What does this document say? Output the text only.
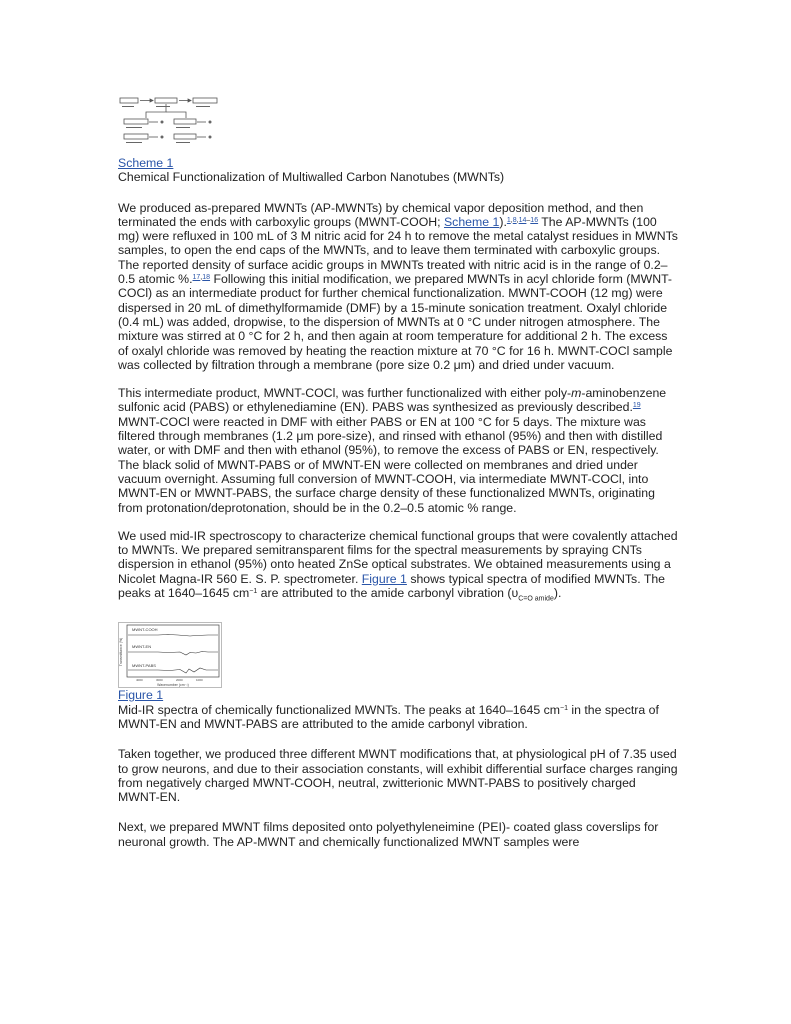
Scheme 1

Chemical Functionalization of Multiwalled Carbon Nanotubes (MWNTs)

We produced as-prepared MWNTs (AP-MWNTs) by chemical vapor deposition method, and then terminated the ends with carboxylic groups (MWNT-COOH; Scheme 1).$^{1,8,14-16}$ The AP-MWNTs (100 mg) were refluxed in 100 mL of 3 M nitric acid for 24 h to remove the metal catalyst residues in MWNTs samples, to open the end caps of the MWNTs, and to leave them terminated with carboxylic groups. The reported density of surface acidic groups in MWNTs treated with nitric acid is in the range of 0.2–0.5 atomic %.$^{17,18}$ Following this initial modification, we prepared MWNTs in acyl chloride form (MWNT-COCl) as an intermediate product for further chemical functionalization. MWNT-COOH (12 mg) were dispersed in 20 mL of dimethylformamide (DMF) by a 15-minute sonication treatment. Oxalyl chloride (0.4 mL) was added, dropwise, to the dispersion of MWNTs at 0 °C under nitrogen atmosphere. The mixture was stirred at 0 °C for 2 h, and then again at room temperature for additional 2 h. The excess of oxalyl chloride was removed by heating the reaction mixture at 70 °C for 16 h. MWNT-COCl sample was collected by filtration through a membrane (pore size 0.2 μm) and dried under vacuum.

This intermediate product, MWNT-COCl, was further functionalized with either poly-m-aminobenzene sulfonic acid (PABS) or ethylenediamine (EN). PABS was synthesized as previously described.$^{19}$ MWNT-COCl were reacted in DMF with either PABS or EN at 100 °C for 5 days. The mixture was filtered through membranes (1.2 μm pore-size), and rinsed with ethanol (95%) and then with distilled water, or with DMF and then with ethanol (95%), to remove the excess of PABS or EN, respectively. The black solid of MWNT-PABS or of MWNT-EN were collected on membranes and dried under vacuum overnight. Assuming full conversion of MWNT-COOH, via intermediate MWNT-COCl, into MWNT-EN or MWNT-PABS, the surface charge density of these functionalized MWNTs, originating from protonation/deprotonation, should be in the 0.2–0.5 atomic % range.

We used mid-IR spectroscopy to characterize chemical functional groups that were covalently attached to MWNTs. We prepared semitransparent films for the spectral measurements by spraying CNTs dispersion in ethanol (95%) onto heated ZnSe optical substrates. We obtained measurements using a Nicolet Magna-IR 560 E. S. P. spectrometer. Figure 1 shows typical spectra of modified MWNTs. The peaks at 1640–1645 $cm^{-1}$ are attributed to the amide carbonyl vibration $(\upsilon_{C=O amide})$.

Transmittance (%)
MWNT-COOH
MWNT-EN
MWNT-PABS
4000	3000	2000	1000
Wavenumber (cm⁻¹)
Figure 1

Mid-IR spectra of chemically functionalized MWNTs. The peaks at 1640–1645 $cm^{-1}$ in the spectra of MWNT-EN and MWNT-PABS are attributed to the amide carbonyl vibration.

Taken together, we produced three different MWNT modifications that, at physiological pH of 7.35 used to grow neurons, and due to their association constants, will exhibit differential surface charges ranging from negatively charged MWNT-COOH, neutral, zwitterionic MWNT-PABS to positively charged MWNT-EN.

Next, we prepared MWNT films deposited onto polyethyleneimine (PEI)- coated glass coverslips for neuronal growth. The AP-MWNT and chemically functionalized MWNT samples were
